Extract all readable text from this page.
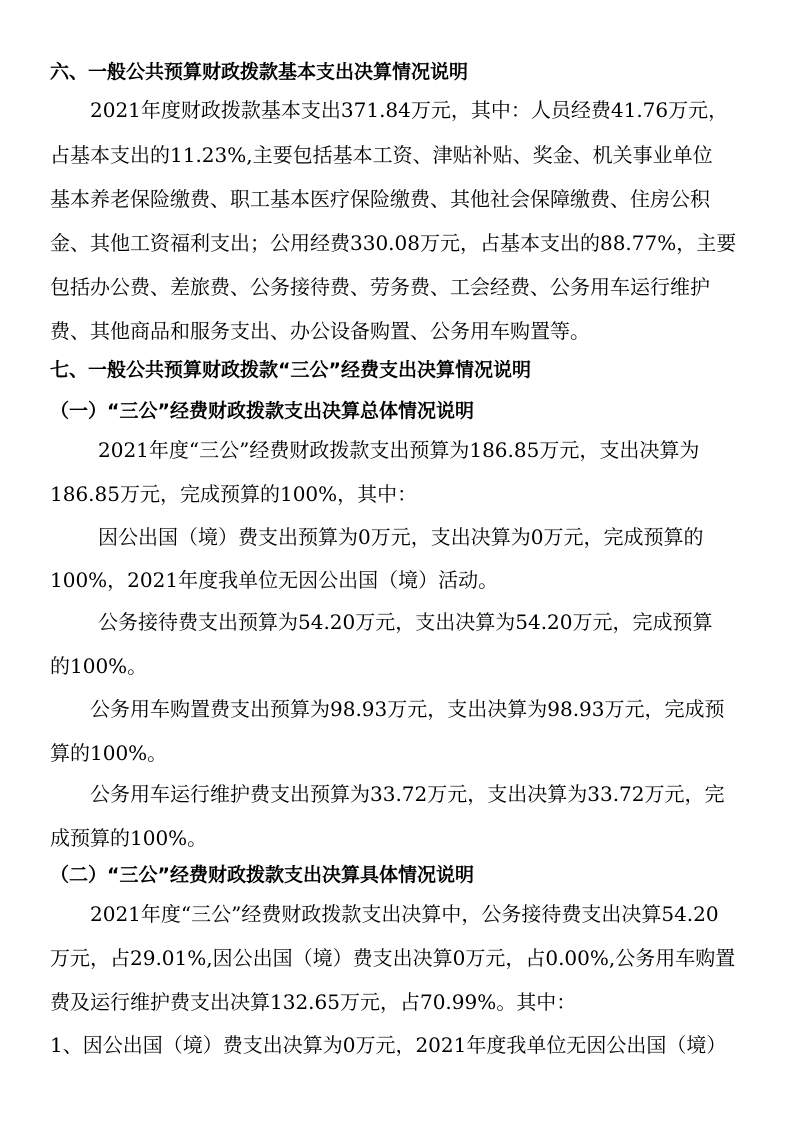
六、一般公共预算财政拨款基本支出决算情况说明
2021年度财政拨款基本支出371.84万元，其中：人员经费41.76万元，
占基本支出的11.23%,主要包括基本工资、津贴补贴、奖金、机关事业单位
基本养老保险缴费、职工基本医疗保险缴费、其他社会保障缴费、住房公积
金、其他工资福利支出；公用经费330.08万元，占基本支出的88.77%，主要
包括办公费、差旅费、公务接待费、劳务费、工会经费、公务用车运行维护
费、其他商品和服务支出、办公设备购置、公务用车购置等。
七、一般公共预算财政拨款“三公”经费支出决算情况说明
（一）“三公”经费财政拨款支出决算总体情况说明
2021年度“三公”经费财政拨款支出预算为186.85万元，支出决算为
186.85万元，完成预算的100%，其中：
因公出国（境）费支出预算为0万元，支出决算为0万元，完成预算的
100%，2021年度我单位无因公出国（境）活动。
公务接待费支出预算为54.20万元，支出决算为54.20万元，完成预算
的100%。
公务用车购置费支出预算为98.93万元，支出决算为98.93万元，完成预
算的100%。
公务用车运行维护费支出预算为33.72万元，支出决算为33.72万元，完
成预算的100%。
（二）“三公”经费财政拨款支出决算具体情况说明
2021年度“三公”经费财政拨款支出决算中，公务接待费支出决算54.20
万元，占29.01%,因公出国（境）费支出决算0万元，占0.00%,公务用车购置
费及运行维护费支出决算132.65万元，占70.99%。其中：
1、因公出国（境）费支出决算为0万元，2021年度我单位无因公出国（境）
